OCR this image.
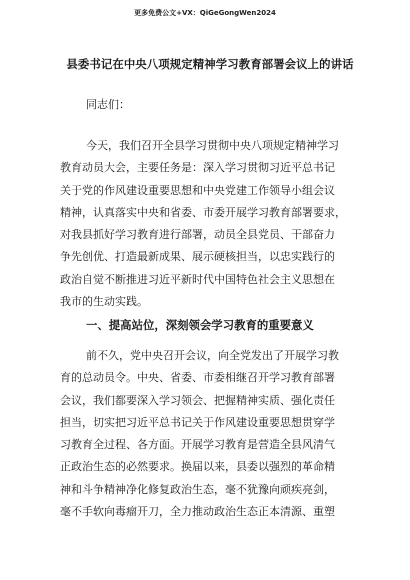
更多免费公文+VX：QiGeGongWen2024
县委书记在中央八项规定精神学习教育部署会议上的讲话
同志们：
今天，我们召开全县学习贯彻中央八项规定精神学习
教育动员大会，主要任务是：深入学习贯彻习近平总书记
关于党的作风建设重要思想和中央党建工作领导小组会议
精神，认真落实中央和省委、市委开展学习教育部署要求，
对我县抓好学习教育进行部署，动员全县党员、干部奋力
争先创优、打造最新成果、展示硬核担当，以忠实践行的
政治自觉不断推进习近平新时代中国特色社会主义思想在
我市的生动实践。
一、提高站位，深刻领会学习教育的重要意义
前不久，党中央召开会议，向全党发出了开展学习教
育的总动员令。中央、省委、市委相继召开学习教育部署
会议，我们都要深入学习领会、把握精神实质、强化责任
担当，切实把习近平总书记关于作风建设重要思想贯穿学
习教育全过程、各方面。开展学习教育是营造全县风清气
正政治生态的必然要求。换届以来，县委以强烈的革命精
神和斗争精神净化修复政治生态，毫不犹豫向顽疾亮剑，
毫不手软向毒瘤开刀，全力推动政治生态正本清源、重塑
